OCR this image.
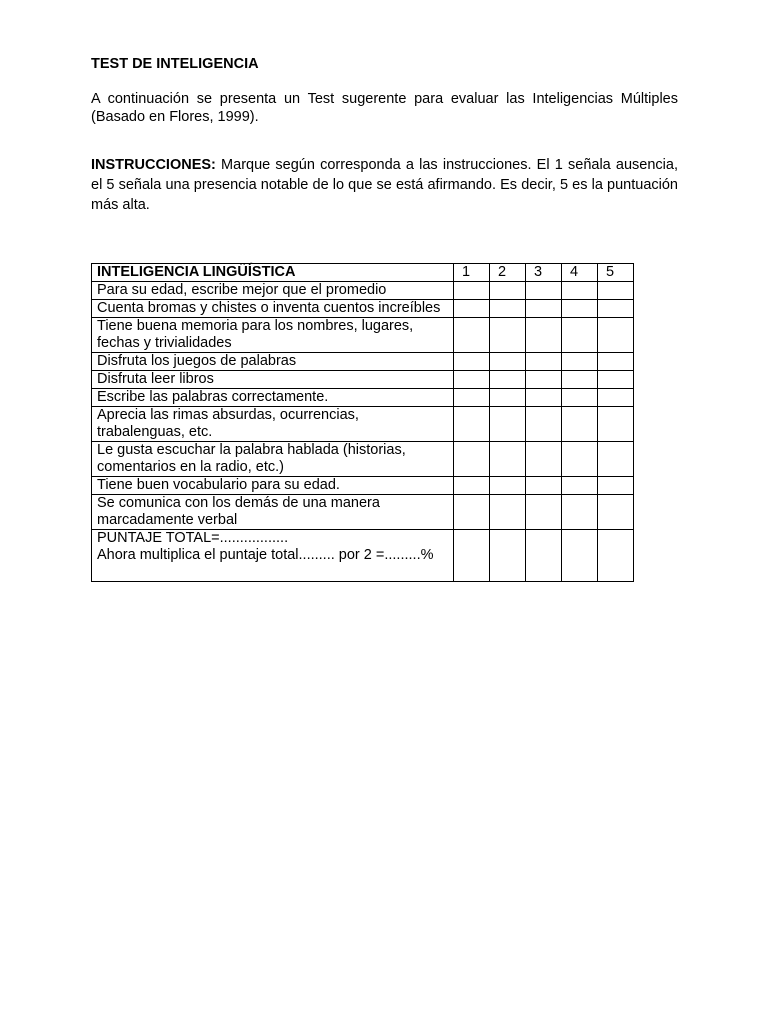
TEST DE INTELIGENCIA

A continuación se presenta un Test sugerente para evaluar las Inteligencias Múltiples (Basado en Flores, 1999).

INSTRUCCIONES: Marque según corresponda a las instrucciones. El 1 señala ausencia, el 5 señala una presencia notable de lo que se está afirmando. Es decir, 5 es la puntuación más alta.

INTELIGENCIA LINGÜÍSTICA	1	2	3	4	5
Para su edad, escribe mejor que el promedio					
Cuenta bromas y chistes o inventa cuentos increíbles					
Tiene buena memoria para los nombres, lugares, fechas y trivialidades					
Disfruta los juegos de palabras					
Disfruta leer libros					
Escribe las palabras correctamente.					
Aprecia las rimas absurdas, ocurrencias, trabalenguas, etc.					
Le gusta escuchar la palabra hablada (historias, comentarios en la radio, etc.)					
Tiene buen vocabulario para su edad.					
Se comunica con los demás de una manera marcadamente verbal					
PUNTAJE TOTAL=.................
Ahora multiplica el puntaje total......... por 2 =.........%					
